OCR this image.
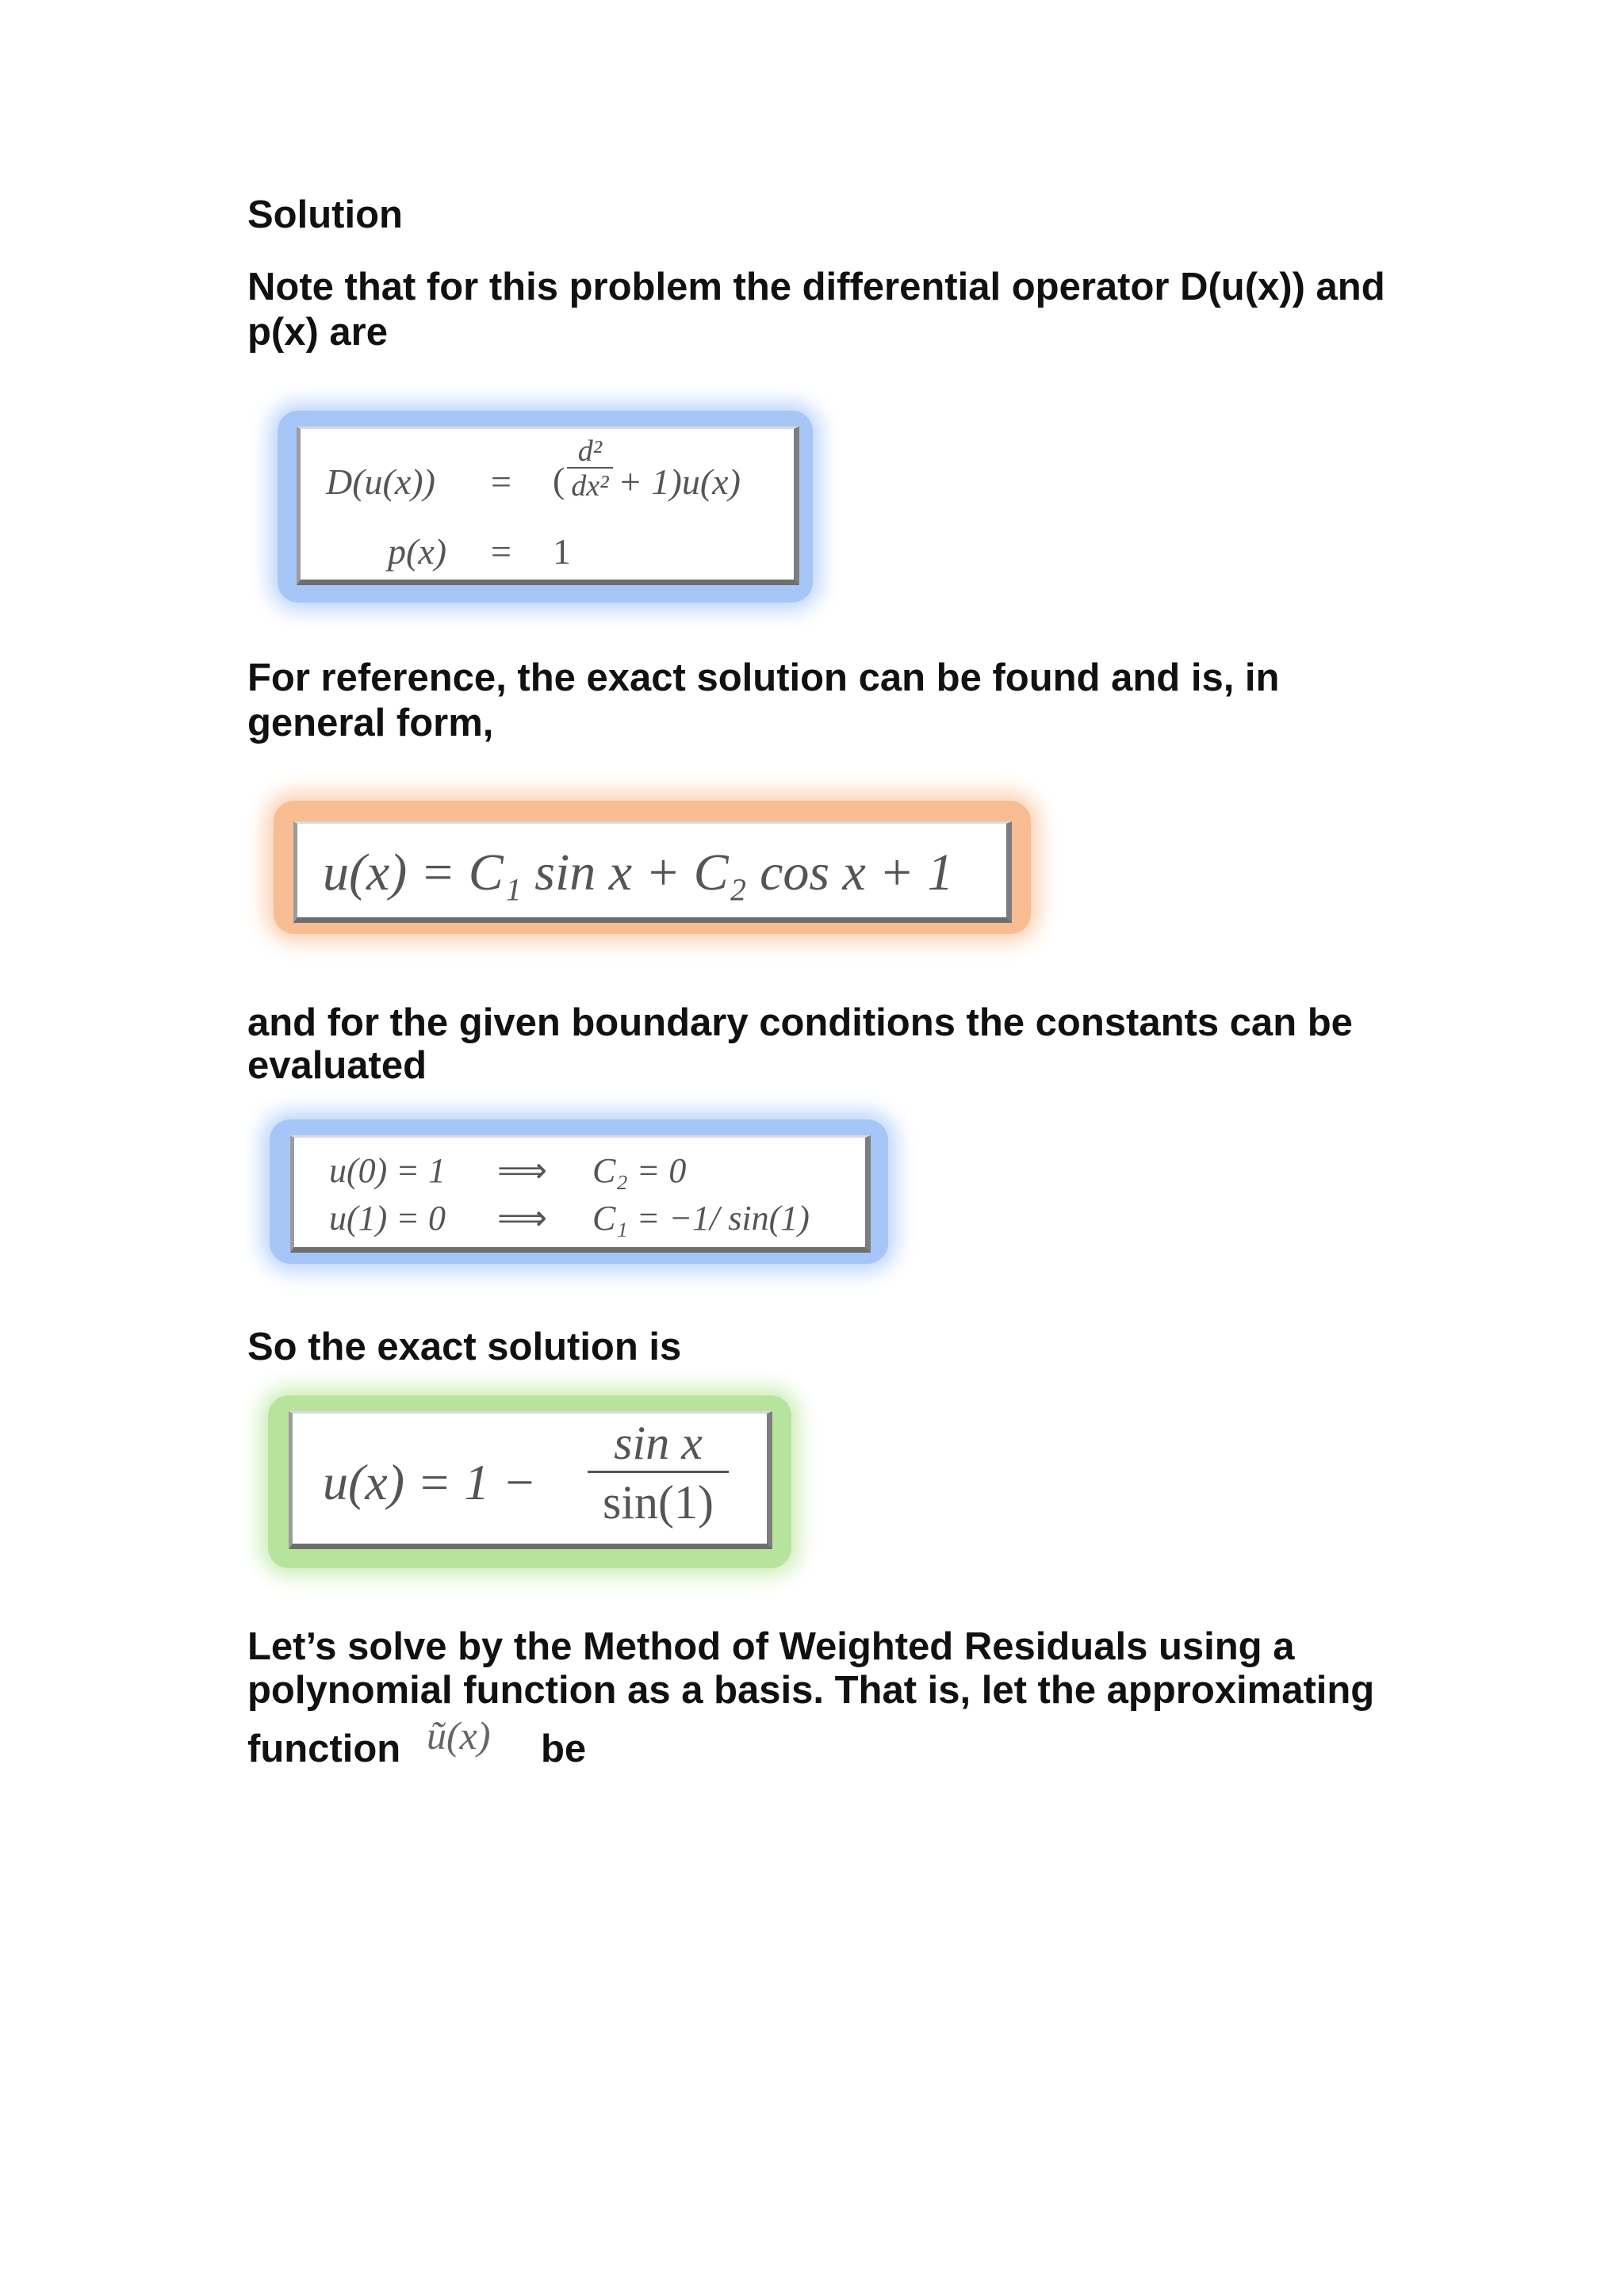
Solution

Note that for this problem the differential operator D(u(x)) and

p(x) are

D(u(x)) = (
d²
dx² + 1)u(x)
p(x) = 1

For reference, the exact solution can be found and is, in

general form,

u(x) = C₁ sin x + C₂ cos x + 1

and for the given boundary conditions the constants can be

evaluated

u(0) = 1 ⟹ C₂ = 0
u(1) = 0 ⟹ C₁ = −1/ sin(1)

So the exact solution is

u(x) = 1 −
sin x
sin(1)

Let’s solve by the Method of Weighted Residuals using a

polynomial function as a basis. That is, let the approximating

function ũ(x) be
